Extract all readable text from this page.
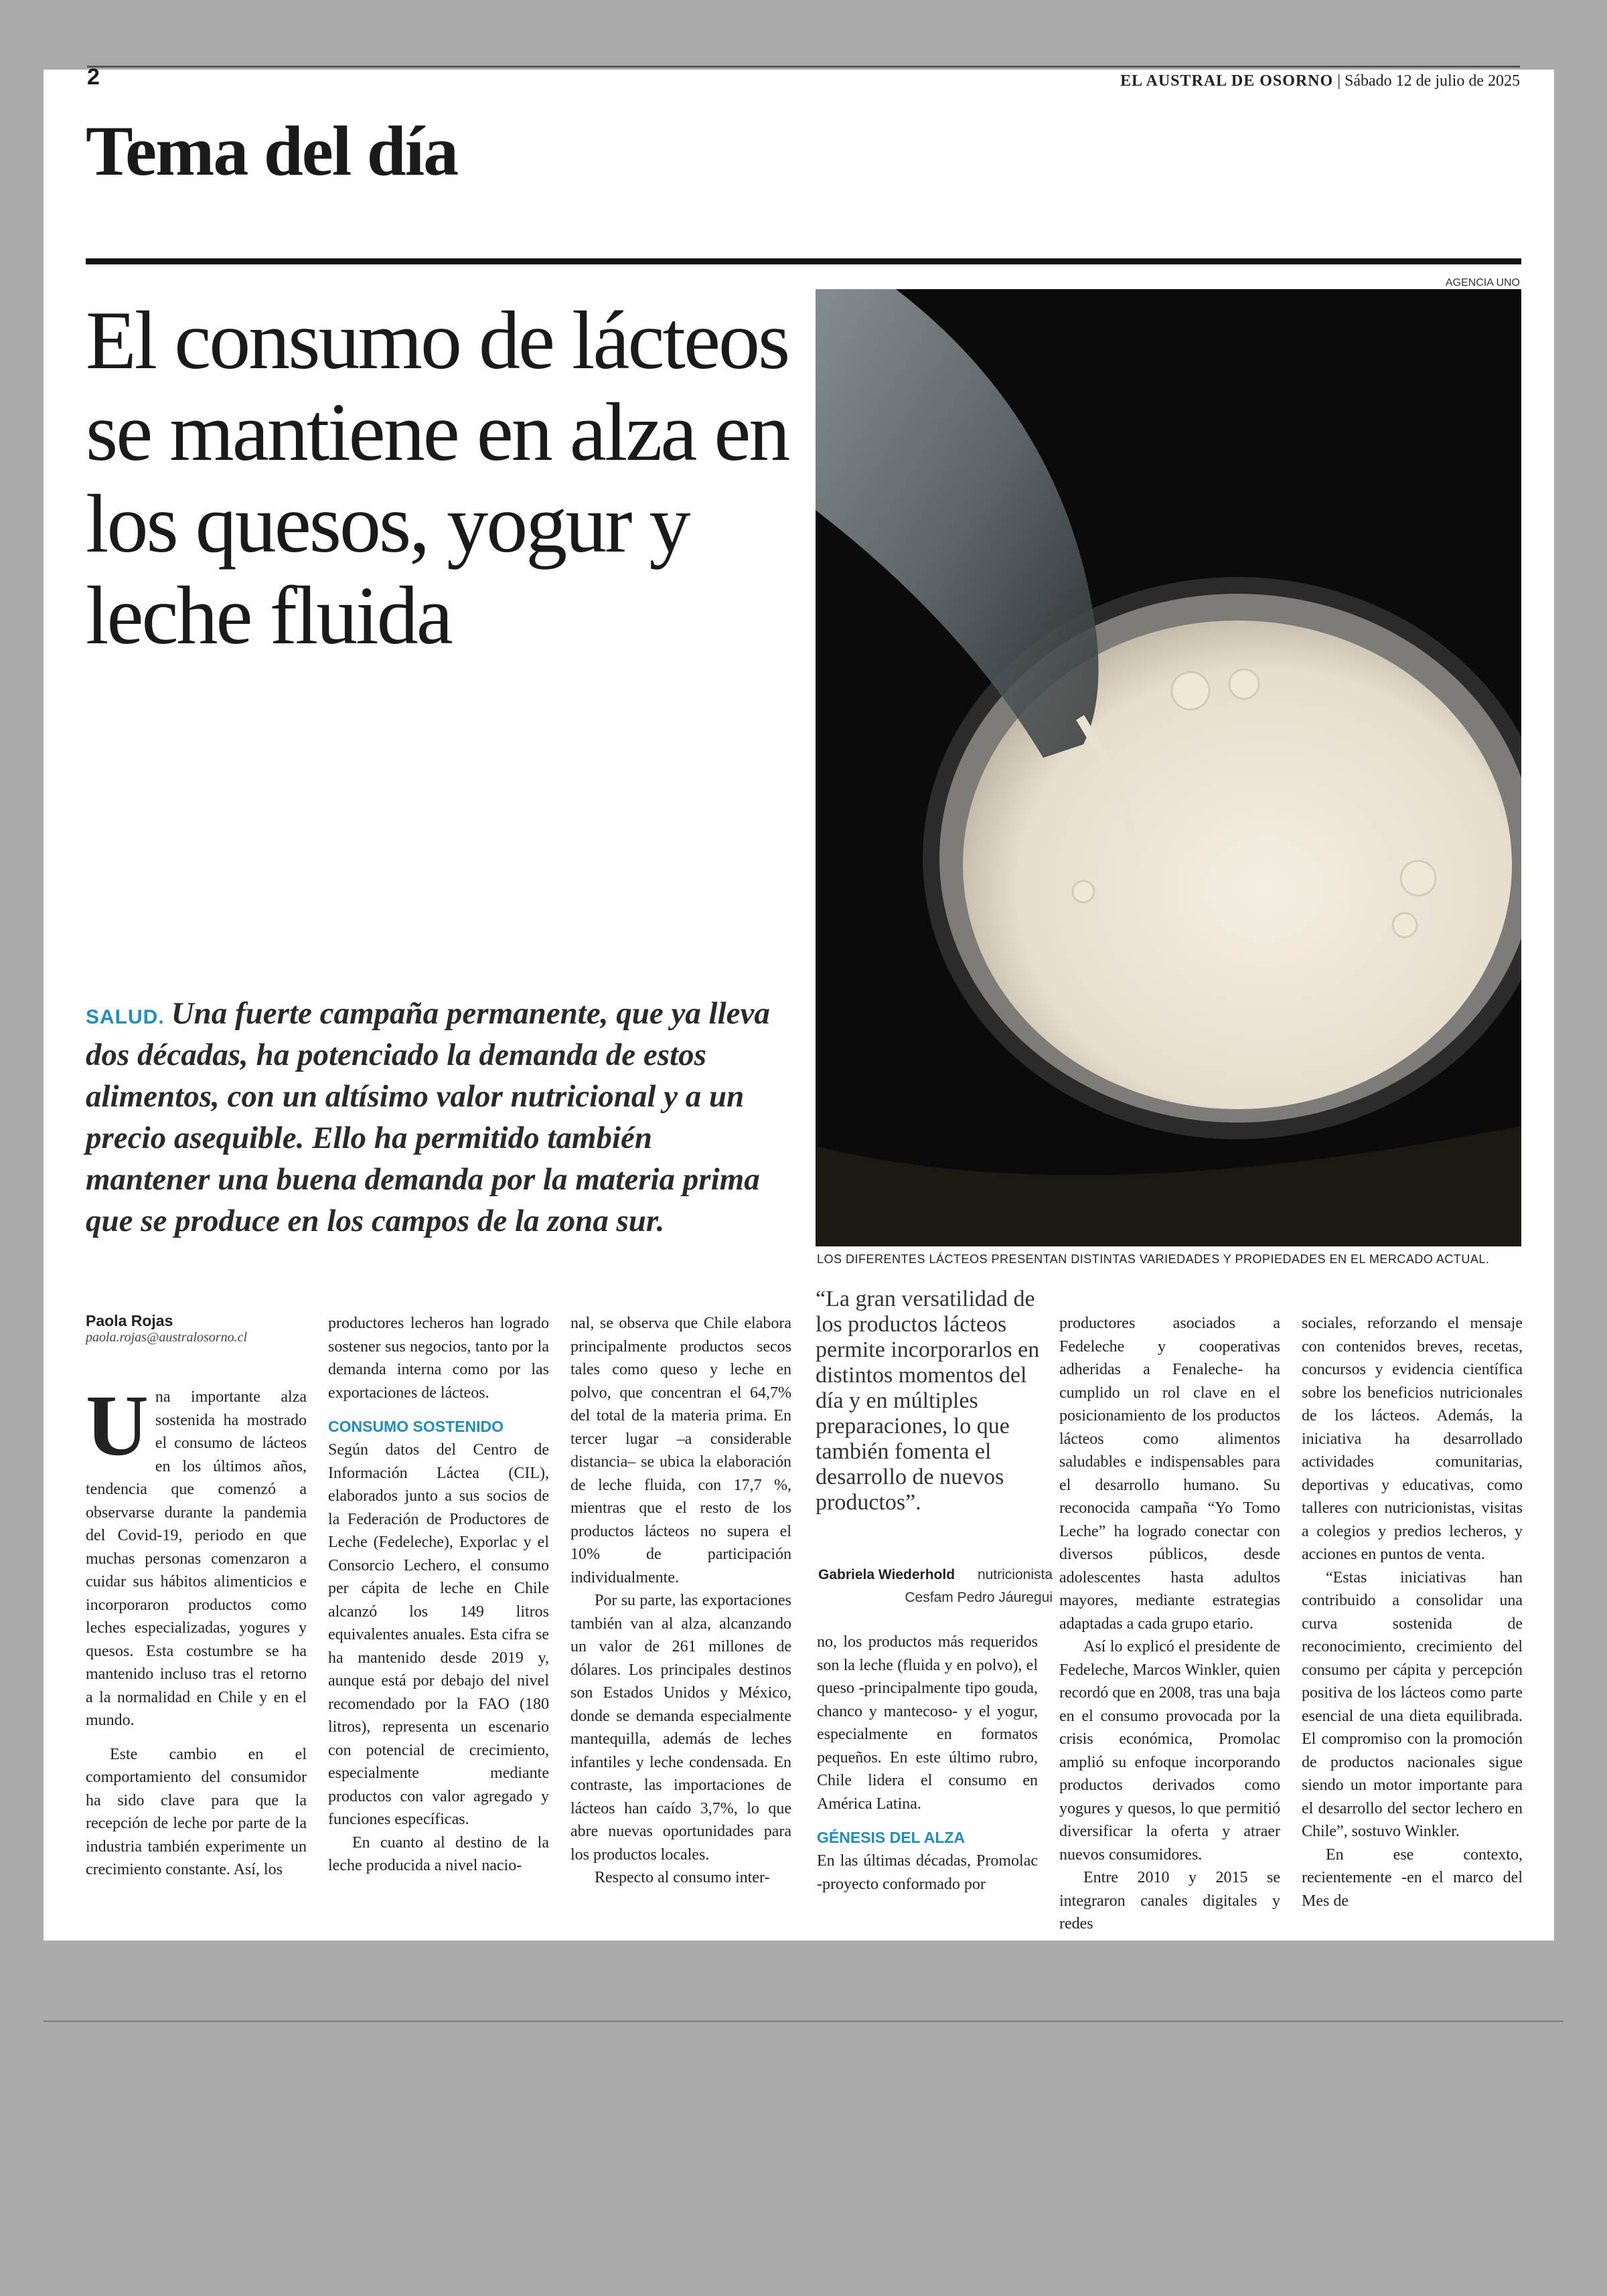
2	EL AUSTRAL DE OSORNO | Sábado 12 de julio de 2025
Tema del día
El consumo de lácteos se mantiene en alza en los quesos, yogur y leche fluida
SALUD. Una fuerte campaña permanente, que ya lleva dos décadas, ha potenciado la demanda de estos alimentos, con un altísimo valor nutricional y a un precio asequible. Ello ha permitido también mantener una buena demanda por la materia prima que se produce en los campos de la zona sur.
AGENCIA UNO
LOS DIFERENTES LÁCTEOS PRESENTAN DISTINTAS VARIEDADES Y PROPIEDADES EN EL MERCADO ACTUAL.
Paola Rojas
paola.rojas@australosorno.cl

Una importante alza sostenida ha mostrado el consumo de lácteos en los últimos años, tendencia que comenzó a observarse durante la pandemia del Covid-19, periodo en que muchas personas comenzaron a cuidar sus hábitos alimenticios e incorporaron productos como leches especializadas, yogures y quesos. Esta costumbre se ha mantenido incluso tras el retorno a la normalidad en Chile y en el mundo.

Este cambio en el comportamiento del consumidor ha sido clave para que la recepción de leche por parte de la industria también experimente un crecimiento constante. Así, los

productores lecheros han logrado sostener sus negocios, tanto por la demanda interna como por las exportaciones de lácteos.

CONSUMO SOSTENIDO

Según datos del Centro de Información Láctea (CIL), elaborados junto a sus socios de la Federación de Productores de Leche (Fedeleche), Exporlac y el Consorcio Lechero, el consumo per cápita de leche en Chile alcanzó los 149 litros equivalentes anuales. Esta cifra se ha mantenido desde 2019 y, aunque está por debajo del nivel recomendado por la FAO (180 litros), representa un escenario con potencial de crecimiento, especialmente mediante productos con valor agregado y funciones específicas.

En cuanto al destino de la leche producida a nivel nacio-

nal, se observa que Chile elabora principalmente productos secos tales como queso y leche en polvo, que concentran el 64,7% del total de la materia prima. En tercer lugar –a considerable distancia– se ubica la elaboración de leche fluida, con 17,7 %, mientras que el resto de los productos lácteos no supera el 10% de participación individualmente.

Por su parte, las exportaciones también van al alza, alcanzando un valor de 261 millones de dólares. Los principales destinos son Estados Unidos y México, donde se demanda especialmente mantequilla, además de leches infantiles y leche condensada. En contraste, las importaciones de lácteos han caído 3,7%, lo que abre nuevas oportunidades para los productos locales.

Respecto al consumo inter-

“La gran versatilidad de los productos lácteos permite incorporarlos en distintos momentos del día y en múltiples preparaciones, lo que también fomenta el desarrollo de nuevos productos”.
Gabriela Wiederhold nutricionista Cesfam Pedro Jáuregui

no, los productos más requeridos son la leche (fluida y en polvo), el queso -principalmente tipo gouda, chanco y mantecoso- y el yogur, especialmente en formatos pequeños. En este último rubro, Chile lidera el consumo en América Latina.

GÉNESIS DEL ALZA

En las últimas décadas, Promolac -proyecto conformado por

productores asociados a Fedeleche y cooperativas adheridas a Fenaleche- ha cumplido un rol clave en el posicionamiento de los productos lácteos como alimentos saludables e indispensables para el desarrollo humano. Su reconocida campaña “Yo Tomo Leche” ha logrado conectar con diversos públicos, desde adolescentes hasta adultos mayores, mediante estrategias adaptadas a cada grupo etario.

Así lo explicó el presidente de Fedeleche, Marcos Winkler, quien recordó que en 2008, tras una baja en el consumo provocada por la crisis económica, Promolac amplió su enfoque incorporando productos derivados como yogures y quesos, lo que permitió diversificar la oferta y atraer nuevos consumidores.

Entre 2010 y 2015 se integraron canales digitales y redes

sociales, reforzando el mensaje con contenidos breves, recetas, concursos y evidencia científica sobre los beneficios nutricionales de los lácteos. Además, la iniciativa ha desarrollado actividades comunitarias, deportivas y educativas, como talleres con nutricionistas, visitas a colegios y predios lecheros, y acciones en puntos de venta.

“Estas iniciativas han contribuido a consolidar una curva sostenida de reconocimiento, crecimiento del consumo per cápita y percepción positiva de los lácteos como parte esencial de una dieta equilibrada. El compromiso con la promoción de productos nacionales sigue siendo un motor importante para el desarrollo del sector lechero en Chile”, sostuvo Winkler.

En ese contexto, recientemente -en el marco del Mes de
